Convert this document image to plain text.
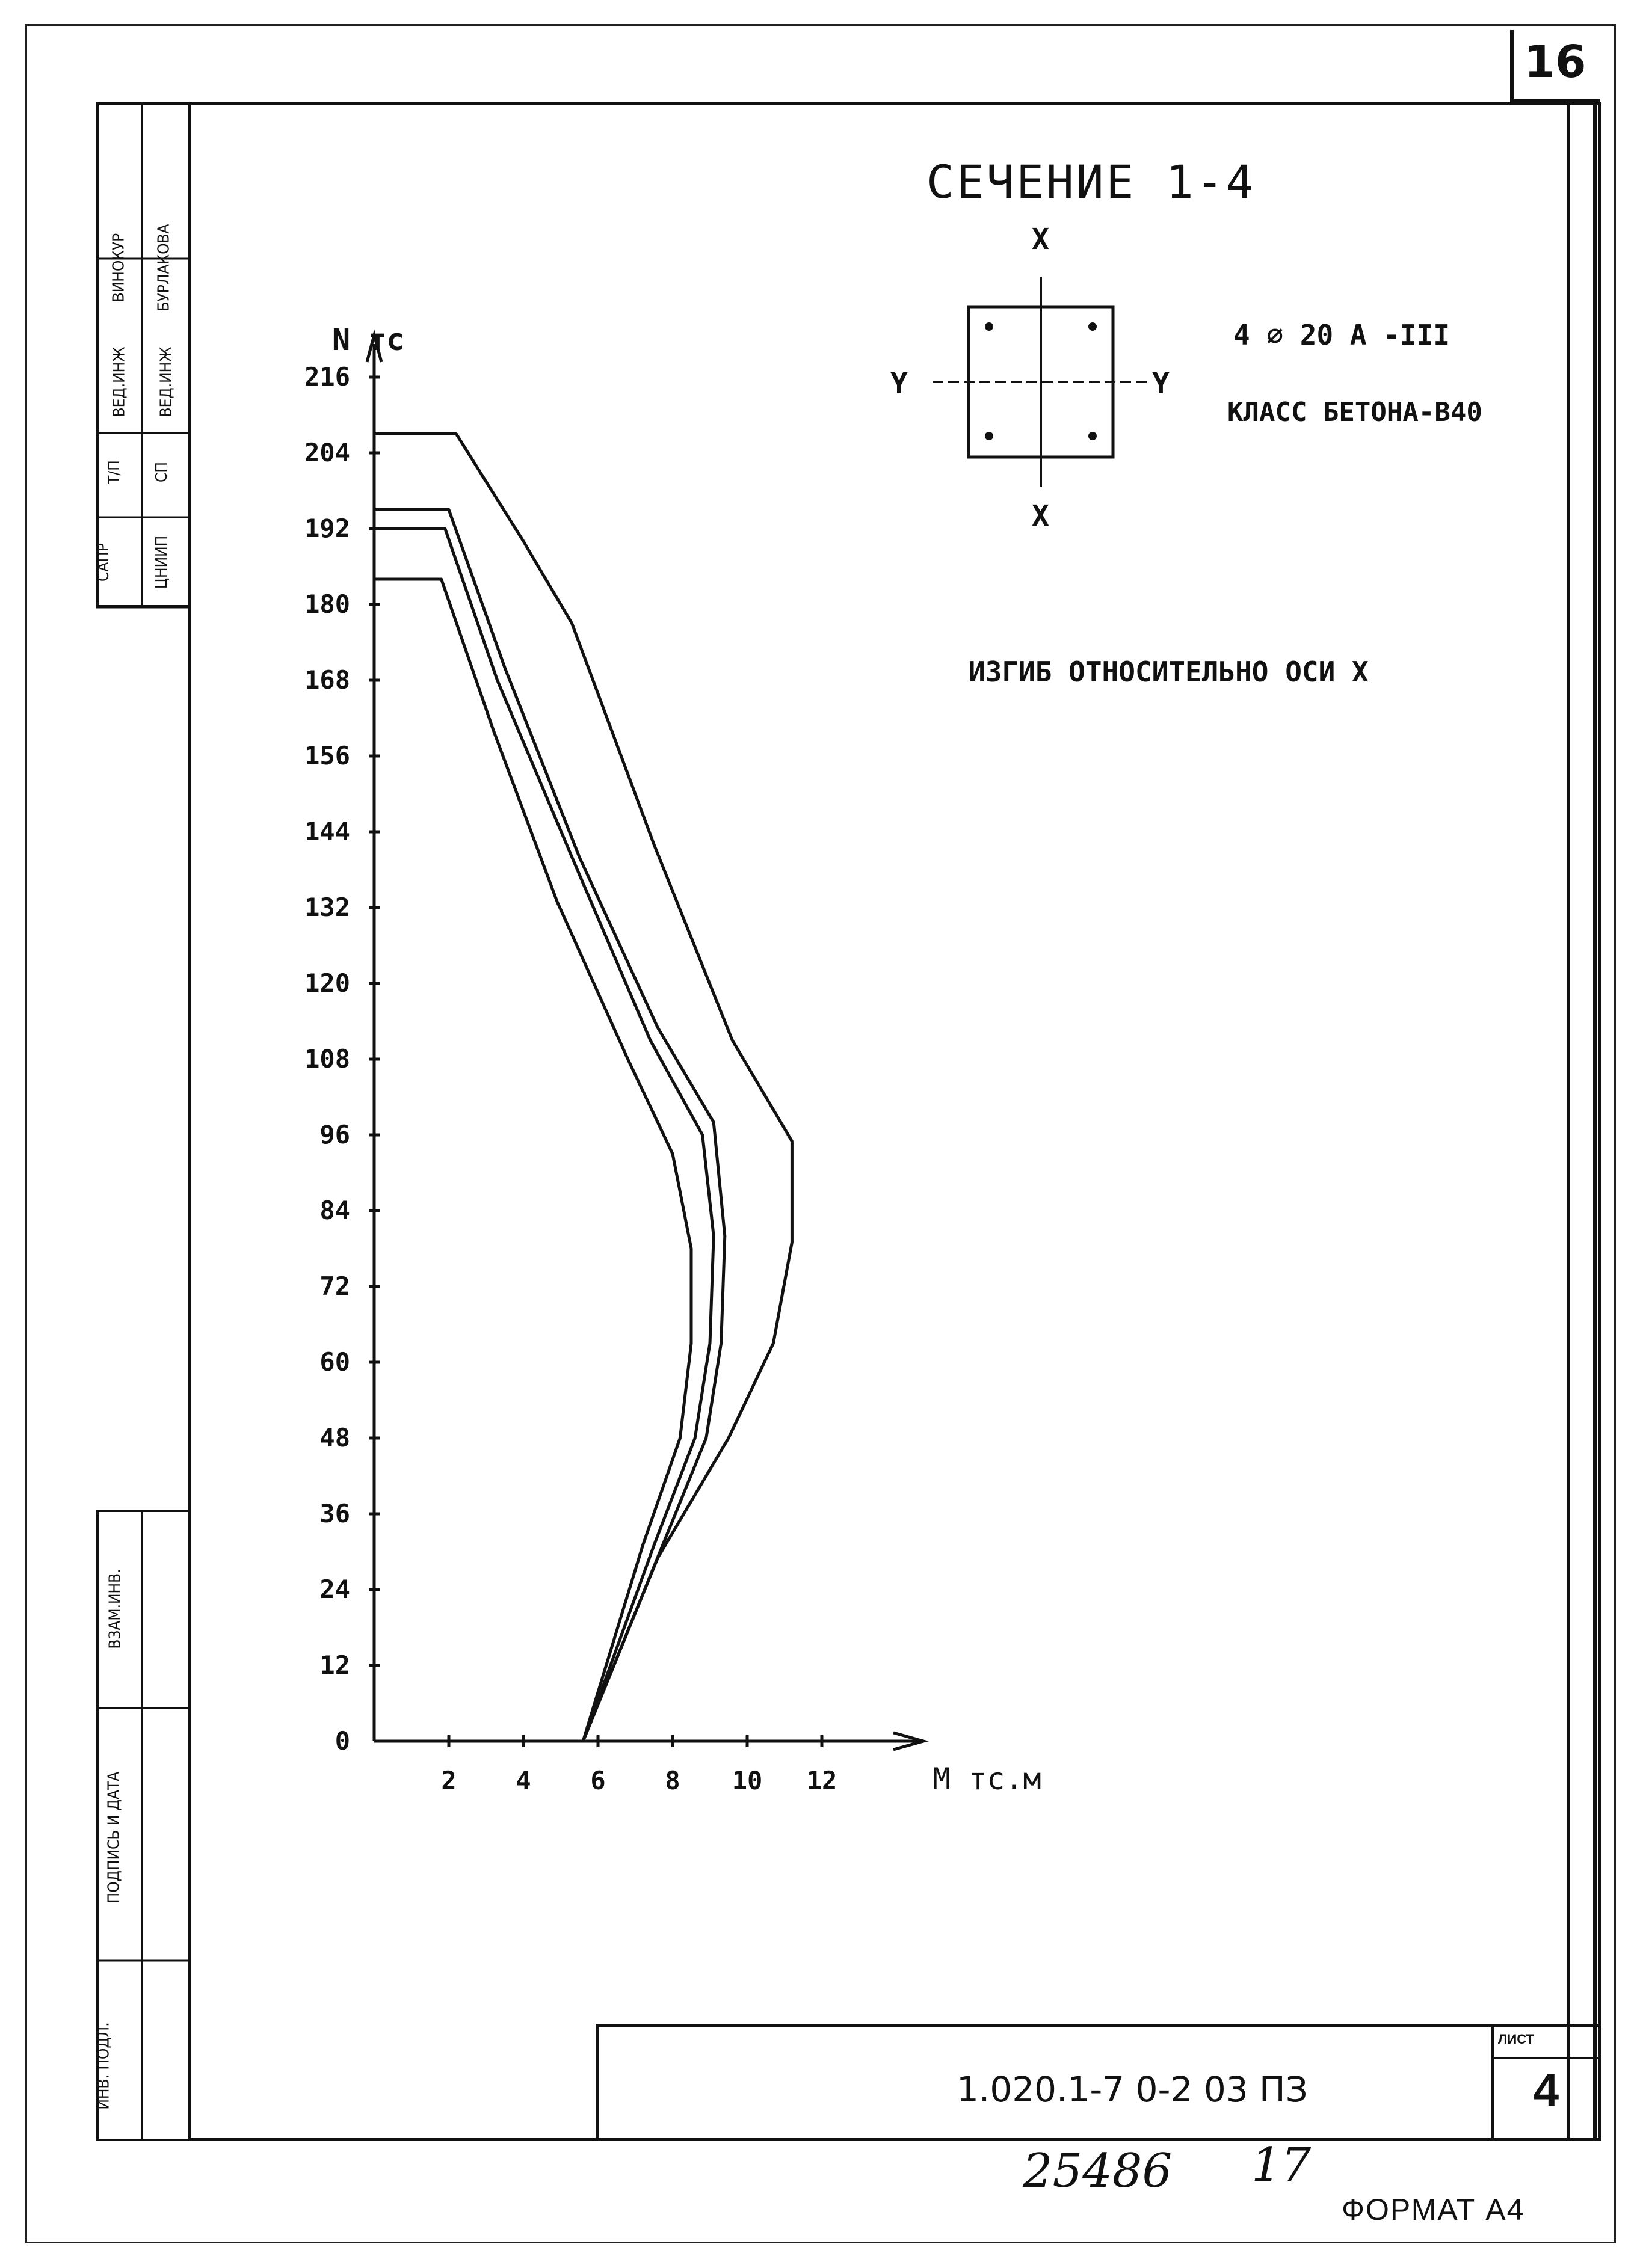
16
САПР
Т/П
ВЕД.ИНЖ
ВИНОКУР
ЦНИИП
СП
ВЕД.ИНЖ
БУРЛАКОВА
ИНВ. ПОДЛ.
ПОДПИСЬ И ДАТА
ВЗАМ.ИНВ.
СЕЧЕНИЕ 1-4
X
X
Y	Y
4 ∅ 20 А -III
КЛАСС БЕТОНА-В40
ИЗГИБ ОТНОСИТЕЛЬНО ОСИ Х
0
12
24
36
48
60
72
84
96
108
120
132
144
156
168
180
192
204
216
2 4 6 8 10 12
N тс
М тс.м
1.020.1-7 0-2 03 ПЗ
ЛИСТ
4
25486 17
ФОРМАТ А4
